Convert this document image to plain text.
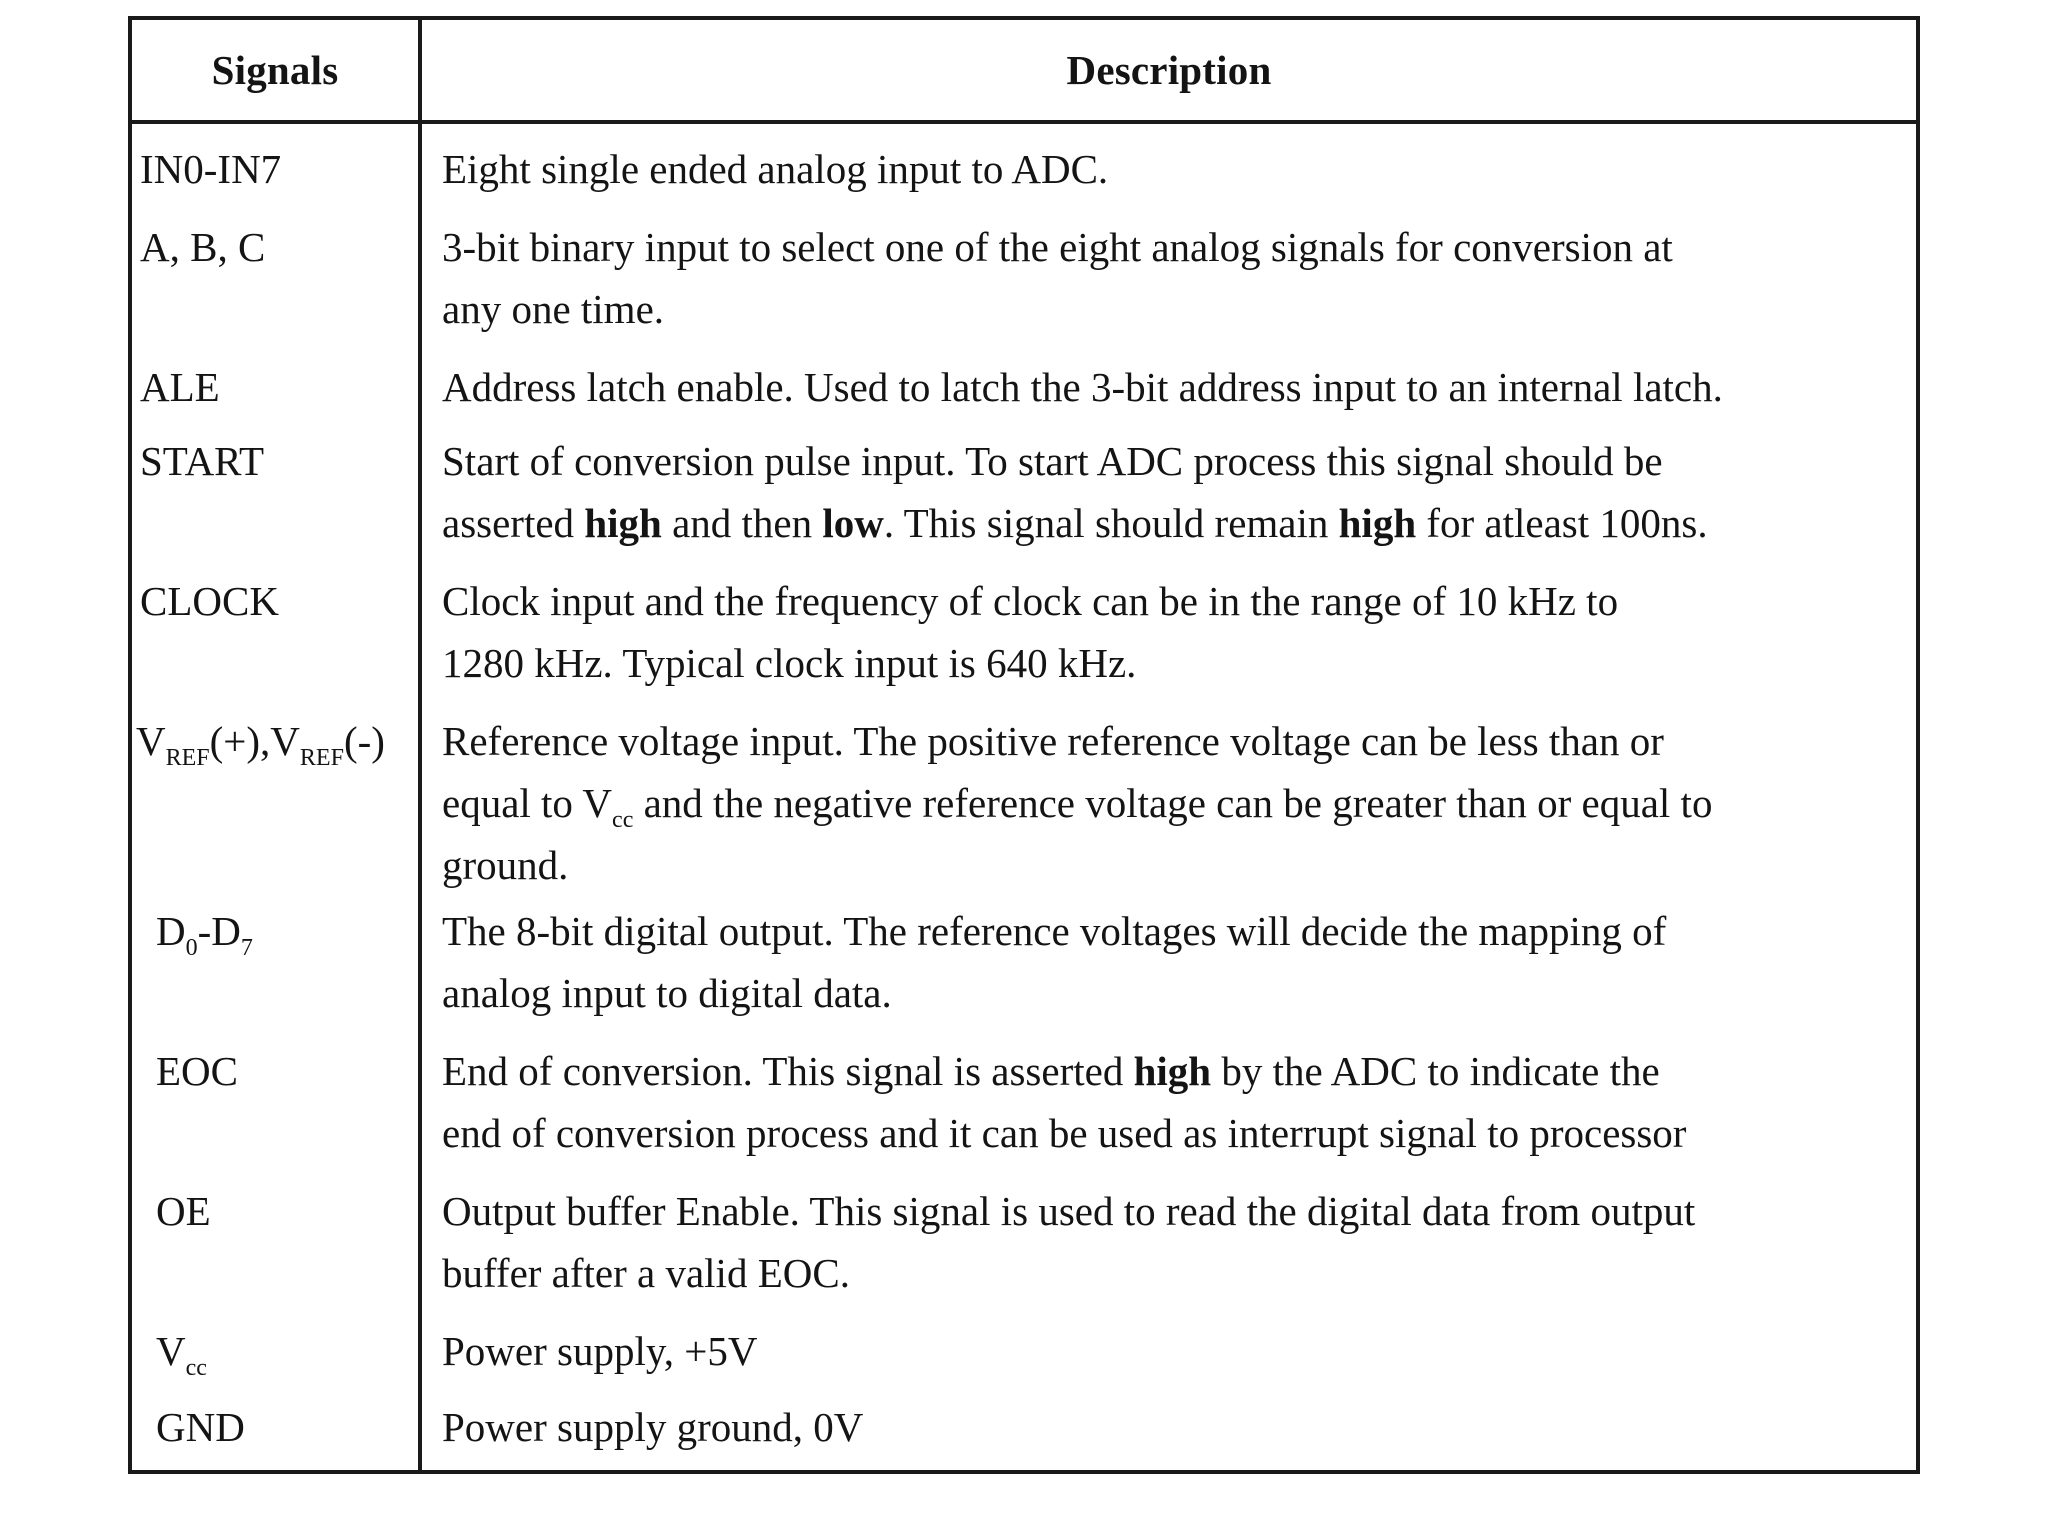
Signals	Description
IN0-IN7	Eight single ended analog input to ADC.
A, B, C	3-bit binary input to select one of the eight analog signals for conversion at
any one time.
ALE	Address latch enable. Used to latch the 3-bit address input to an internal latch.
START	Start of conversion pulse input. To start ADC process this signal should be
asserted high and then low. This signal should remain high for atleast 100ns.
CLOCK	Clock input and the frequency of clock can be in the range of 10 kHz to
1280 kHz. Typical clock input is 640 kHz.
$V_{REF}(+),V_{REF}(-)$	Reference voltage input. The positive reference voltage can be less than or
equal to $V_{cc}$ and the negative reference voltage can be greater than or equal to
ground.
$D_0-D_7$	The 8-bit digital output. The reference voltages will decide the mapping of
analog input to digital data.
EOC	End of conversion. This signal is asserted high by the ADC to indicate the
end of conversion process and it can be used as interrupt signal to processor
OE	Output buffer Enable. This signal is used to read the digital data from output
buffer after a valid EOC.
$V_{cc}$	Power supply, +5V
GND	Power supply ground, 0V
